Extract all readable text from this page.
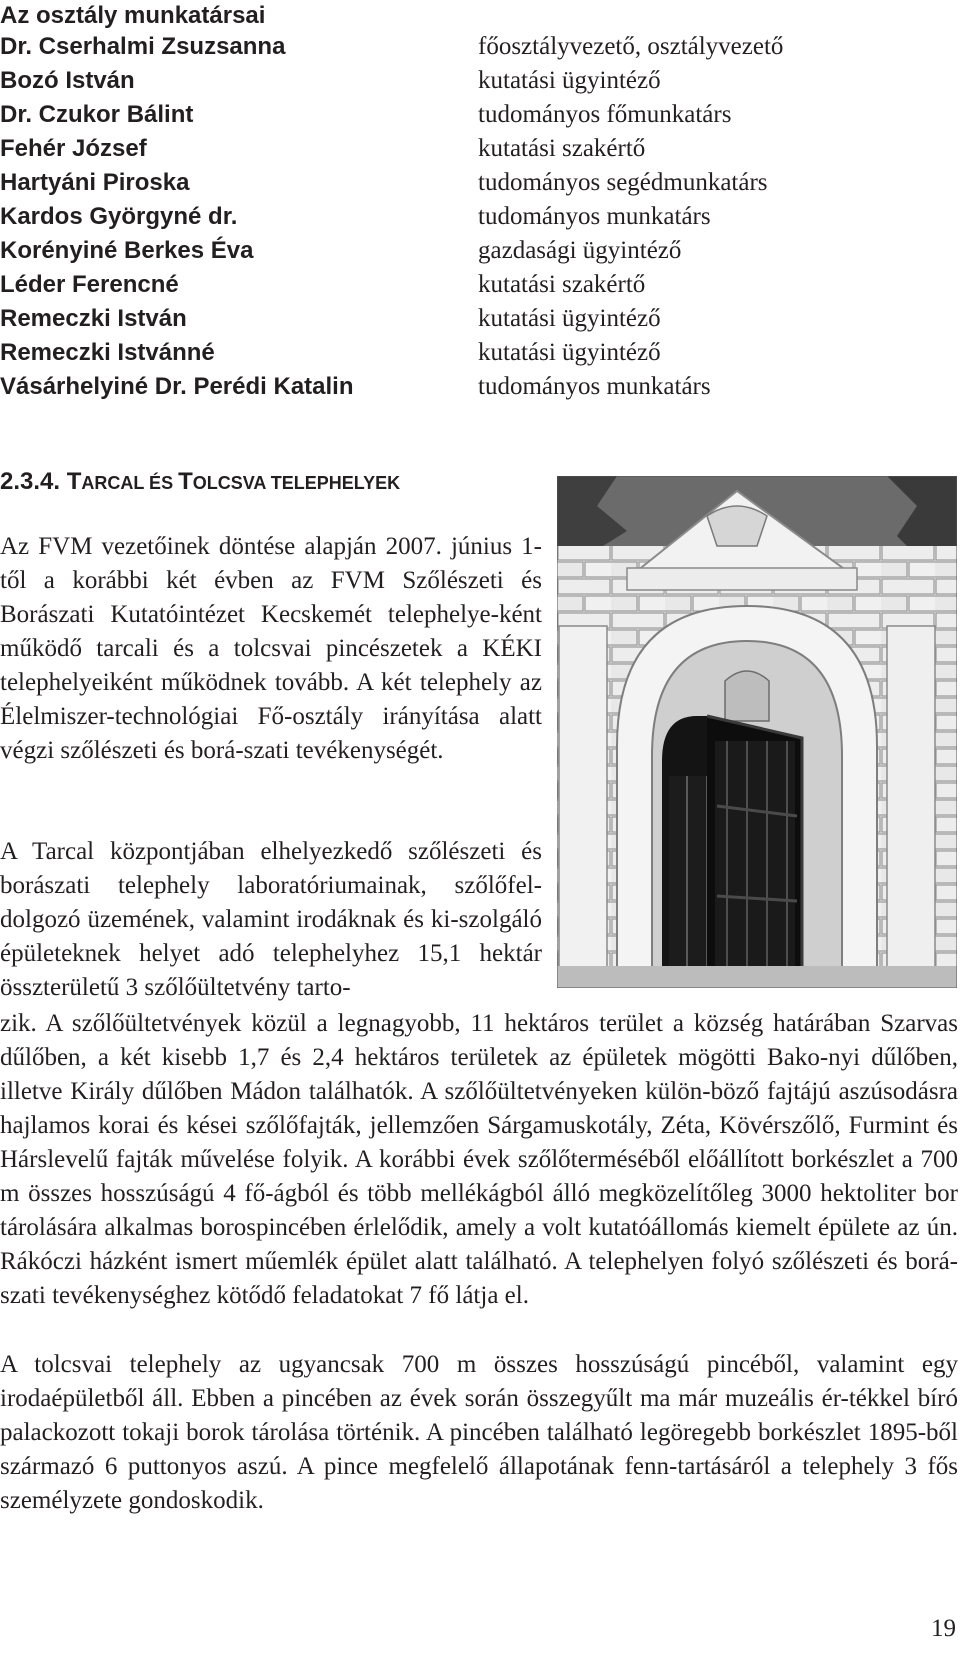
Az osztály munkatársai
Dr. Cserhalmi Zsuzsanna	főosztályvezető, osztályvezető
Bozó István	kutatási ügyintéző
Dr. Czukor Bálint	tudományos főmunkatárs
Fehér József	kutatási szakértő
Hartyáni Piroska	tudományos segédmunkatárs
Kardos Györgyné dr.	tudományos munkatárs
Korényiné Berkes Éva	gazdasági ügyintéző
Léder Ferencné	kutatási szakértő
Remeczki István	kutatási ügyintéző
Remeczki Istvánné	kutatási ügyintéző
Vásárhelyiné Dr. Perédi Katalin	tudományos munkatárs
2.3.4. TARCAL ÉS TOLCSVA TELEPHELYEK

Az FVM vezetőinek döntése alapján 2007. június 1-től a korábbi két évben az FVM Szőlészeti és Borászati Kutatóintézet Kecskemét telephelye-ként működő tarcali és a tolcsvai pincészetek a KÉKI telephelyeiként működnek tovább. A két telephely az Élelmiszer-technológiai Fő-osztály irányítása alatt végzi szőlészeti és borá-szati tevékenységét.

A Tarcal központjában elhelyezkedő szőlészeti és borászati telephely laboratóriumainak, szőlőfel-dolgozó üzemének, valamint irodáknak és ki-szolgáló épületeknek helyet adó telephelyhez 15,1 hektár összterületű 3 szőlőültetvény tarto-

zik. A szőlőültetvények közül a legnagyobb, 11 hektáros terület a község határában Szarvas dűlőben, a két kisebb 1,7 és 2,4 hektáros területek az épületek mögötti Bako-nyi dűlőben, illetve Király dűlőben Mádon találhatók. A szőlőültetvényeken külön-böző fajtájú aszúsodásra hajlamos korai és kései szőlőfajták, jellemzően Sárgamuskotály, Zéta, Kövérszőlő, Furmint és Hárslevelű fajták művelése folyik. A korábbi évek szőlőterméséből előállított borkészlet a 700 m összes hosszúságú 4 fő-ágból és több mellékágból álló megközelítőleg 3000 hektoliter bor tárolására alkalmas borospincében érlelődik, amely a volt kutatóállomás kiemelt épülete az ún. Rákóczi házként ismert műemlék épület alatt található. A telephelyen folyó szőlészeti és borá-szati tevékenységhez kötődő feladatokat 7 fő látja el.

A tolcsvai telephely az ugyancsak 700 m összes hosszúságú pincéből, valamint egy irodaépületből áll. Ebben a pincében az évek során összegyűlt ma már muzeális ér-tékkel bíró palackozott tokaji borok tárolása történik. A pincében található legöregebb borkészlet 1895-ből származó 6 puttonyos aszú. A pince megfelelő állapotának fenn-tartásáról a telephely 3 fős személyzete gondoskodik.

19
